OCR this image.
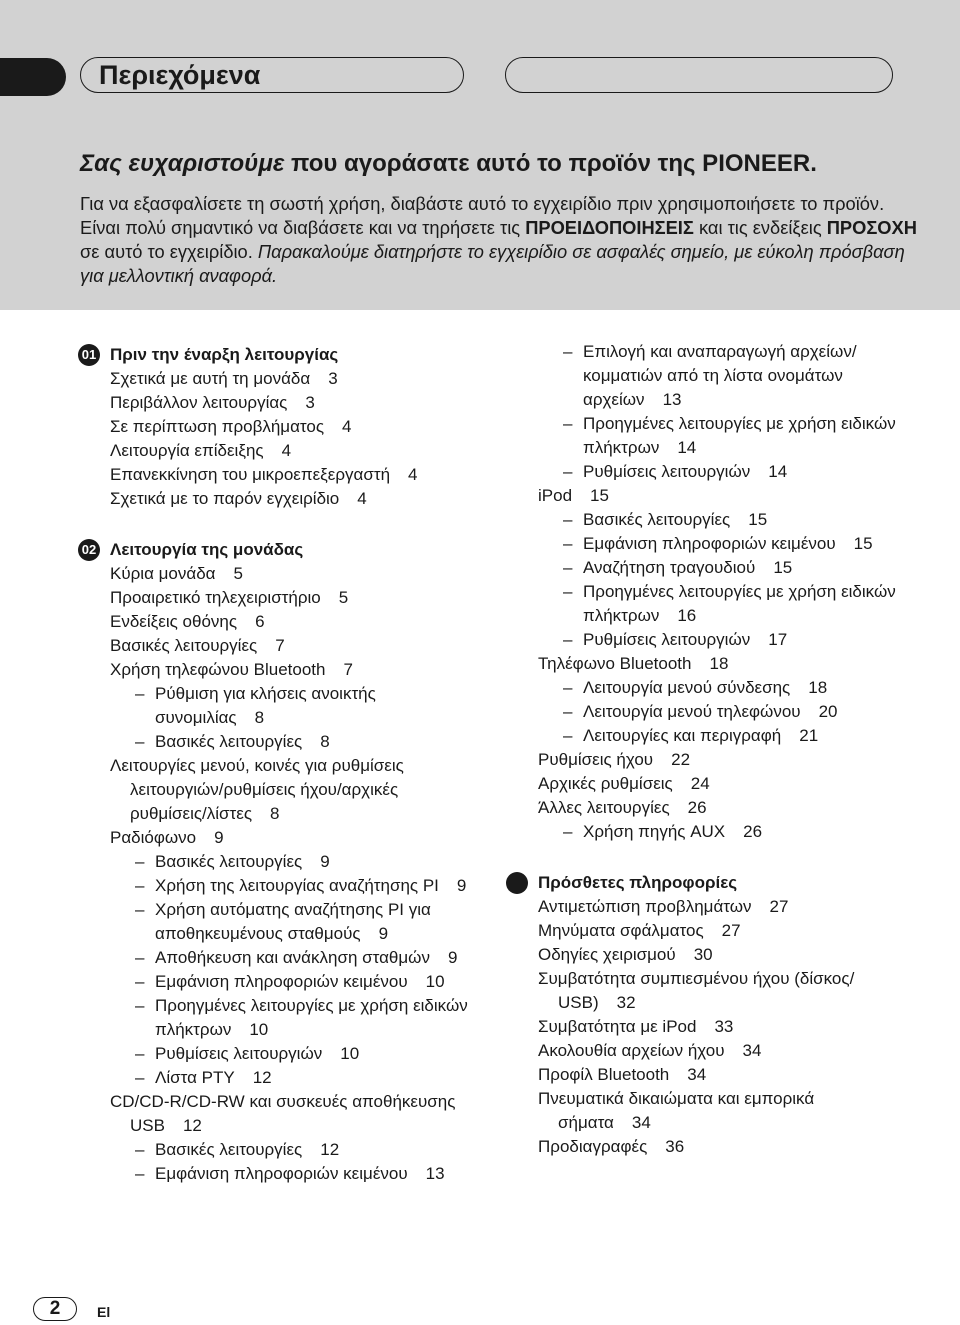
Περιεχόμενα
Σας ευχαριστούμε που αγοράσατε αυτό το προϊόν της PIONEER.
Για να εξασφαλίσετε τη σωστή χρήση, διαβάστε αυτό το εγχειρίδιο πριν χρησιμοποιήσετε το προϊόν. Είναι πολύ σημαντικό να διαβάσετε και να τηρήσετε τις ΠΡΟΕΙΔΟΠΟΙΗΣΕΙΣ και τις ενδείξεις ΠΡΟΣΟΧΗ σε αυτό το εγχειρίδιο. Παρακαλούμε διατηρήστε το εγχειρίδιο σε ασφαλές σημείο, με εύκολη πρόσβαση για μελλοντική αναφορά.
01 Πριν την έναρξη λειτουργίας
Σχετικά με αυτή τη μονάδα 3
Περιβάλλον λειτουργίας 3
Σε περίπτωση προβλήματος 4
Λειτουργία επίδειξης 4
Επανεκκίνηση του μικροεπεξεργαστή 4
Σχετικά με το παρόν εγχειρίδιο 4
02 Λειτουργία της μονάδας
Κύρια μονάδα 5
Προαιρετικό τηλεχειριστήριο 5
Ενδείξεις οθόνης 6
Βασικές λειτουργίες 7
Χρήση τηλεφώνου Bluetooth 7
– Ρύθμιση για κλήσεις ανοικτής συνομιλίας 8
– Βασικές λειτουργίες 8
Λειτουργίες μενού, κοινές για ρυθμίσεις λειτουργιών/ρυθμίσεις ήχου/αρχικές ρυθμίσεις/λίστες 8
Ραδιόφωνο 9
– Βασικές λειτουργίες 9
– Χρήση της λειτουργίας αναζήτησης PI 9
– Χρήση αυτόματης αναζήτησης PI για αποθηκευμένους σταθμούς 9
– Αποθήκευση και ανάκληση σταθμών 9
– Εμφάνιση πληροφοριών κειμένου 10
– Προηγμένες λειτουργίες με χρήση ειδικών πλήκτρων 10
– Ρυθμίσεις λειτουργιών 10
– Λίστα PTY 12
CD/CD-R/CD-RW και συσκευές αποθήκευσης USB 12
– Βασικές λειτουργίες 12
– Εμφάνιση πληροφοριών κειμένου 13
– Επιλογή και αναπαραγωγή αρχείων/κομματιών από τη λίστα ονομάτων αρχείων 13
– Προηγμένες λειτουργίες με χρήση ειδικών πλήκτρων 14
– Ρυθμίσεις λειτουργιών 14
iPod 15
– Βασικές λειτουργίες 15
– Εμφάνιση πληροφοριών κειμένου 15
– Αναζήτηση τραγουδιού 15
– Προηγμένες λειτουργίες με χρήση ειδικών πλήκτρων 16
– Ρυθμίσεις λειτουργιών 17
Τηλέφωνο Bluetooth 18
– Λειτουργία μενού σύνδεσης 18
– Λειτουργία μενού τηλεφώνου 20
– Λειτουργίες και περιγραφή 21
Ρυθμίσεις ήχου 22
Αρχικές ρυθμίσεις 24
Άλλες λειτουργίες 26
– Χρήση πηγής AUX 26
Πρόσθετες πληροφορίες
Αντιμετώπιση προβλημάτων 27
Μηνύματα σφάλματος 27
Οδηγίες χειρισμού 30
Συμβατότητα συμπιεσμένου ήχου (δίσκος/ USB) 32
Συμβατότητα με iPod 33
Ακολουθία αρχείων ήχου 34
Προφίλ Bluetooth 34
Πνευματικά δικαιώματα και εμπορικά σήματα 34
Προδιαγραφές 36
2	El
